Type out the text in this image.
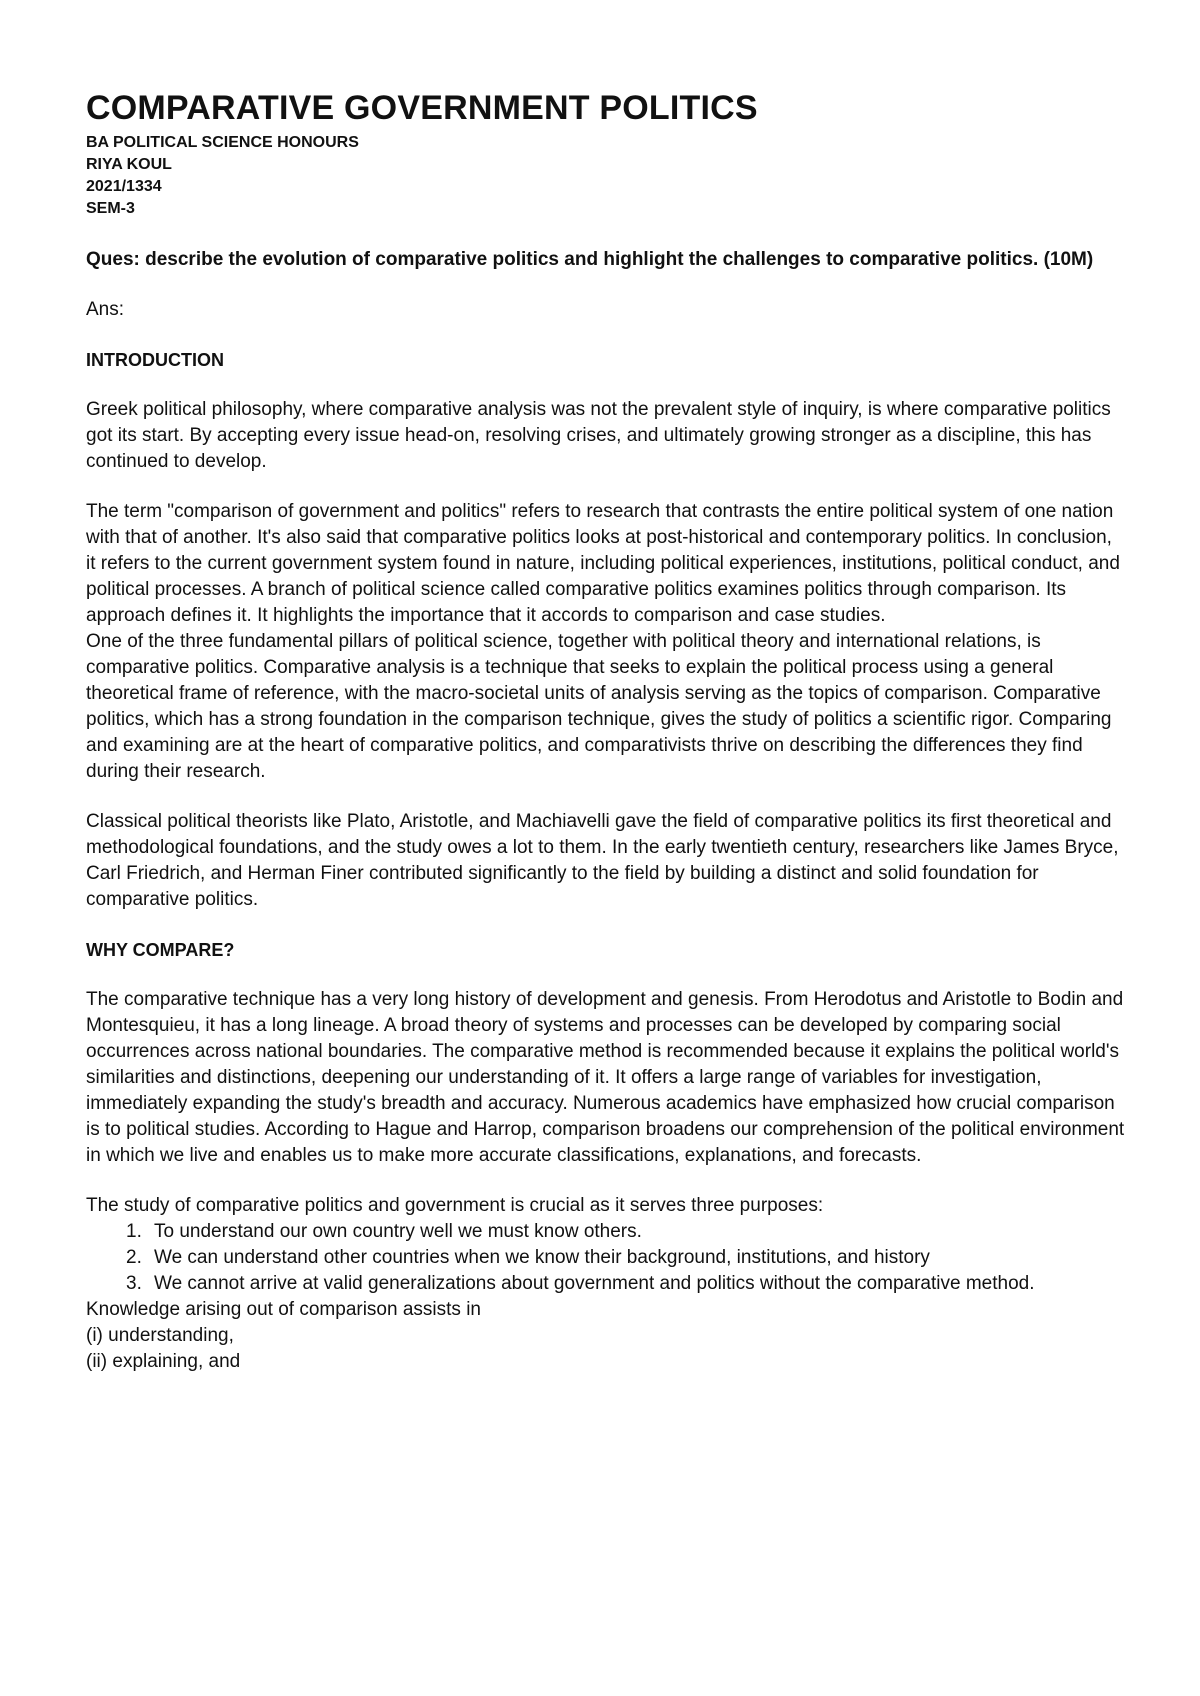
COMPARATIVE GOVERNMENT POLITICS

BA POLITICAL SCIENCE HONOURS

RIYA KOUL

2021/1334

SEM-3

Ques: describe the evolution of comparative politics and highlight the challenges to comparative politics. (10M)

Ans:

INTRODUCTION

Greek political philosophy, where comparative analysis was not the prevalent style of inquiry, is where comparative politics got its start. By accepting every issue head-on, resolving crises, and ultimately growing stronger as a discipline, this has continued to develop.

The term "comparison of government and politics" refers to research that contrasts the entire political system of one nation with that of another. It's also said that comparative politics looks at post-historical and contemporary politics. In conclusion, it refers to the current government system found in nature, including political experiences, institutions, political conduct, and political processes. A branch of political science called comparative politics examines politics through comparison. Its approach defines it. It highlights the importance that it accords to comparison and case studies.

One of the three fundamental pillars of political science, together with political theory and international relations, is comparative politics. Comparative analysis is a technique that seeks to explain the political process using a general theoretical frame of reference, with the macro-societal units of analysis serving as the topics of comparison. Comparative politics, which has a strong foundation in the comparison technique, gives the study of politics a scientific rigor. Comparing and examining are at the heart of comparative politics, and comparativists thrive on describing the differences they find during their research.

Classical political theorists like Plato, Aristotle, and Machiavelli gave the field of comparative politics its first theoretical and methodological foundations, and the study owes a lot to them. In the early twentieth century, researchers like James Bryce, Carl Friedrich, and Herman Finer contributed significantly to the field by building a distinct and solid foundation for comparative politics.

WHY COMPARE?

The comparative technique has a very long history of development and genesis. From Herodotus and Aristotle to Bodin and Montesquieu, it has a long lineage. A broad theory of systems and processes can be developed by comparing social occurrences across national boundaries. The comparative method is recommended because it explains the political world's similarities and distinctions, deepening our understanding of it. It offers a large range of variables for investigation, immediately expanding the study's breadth and accuracy. Numerous academics have emphasized how crucial comparison is to political studies. According to Hague and Harrop, comparison broadens our comprehension of the political environment in which we live and enables us to make more accurate classifications, explanations, and forecasts.

The study of comparative politics and government is crucial as it serves three purposes:

1. To understand our own country well we must know others.
2. We can understand other countries when we know their background, institutions, and history
3. We cannot arrive at valid generalizations about government and politics without the comparative method.

Knowledge arising out of comparison assists in

(i) understanding,

(ii) explaining, and
